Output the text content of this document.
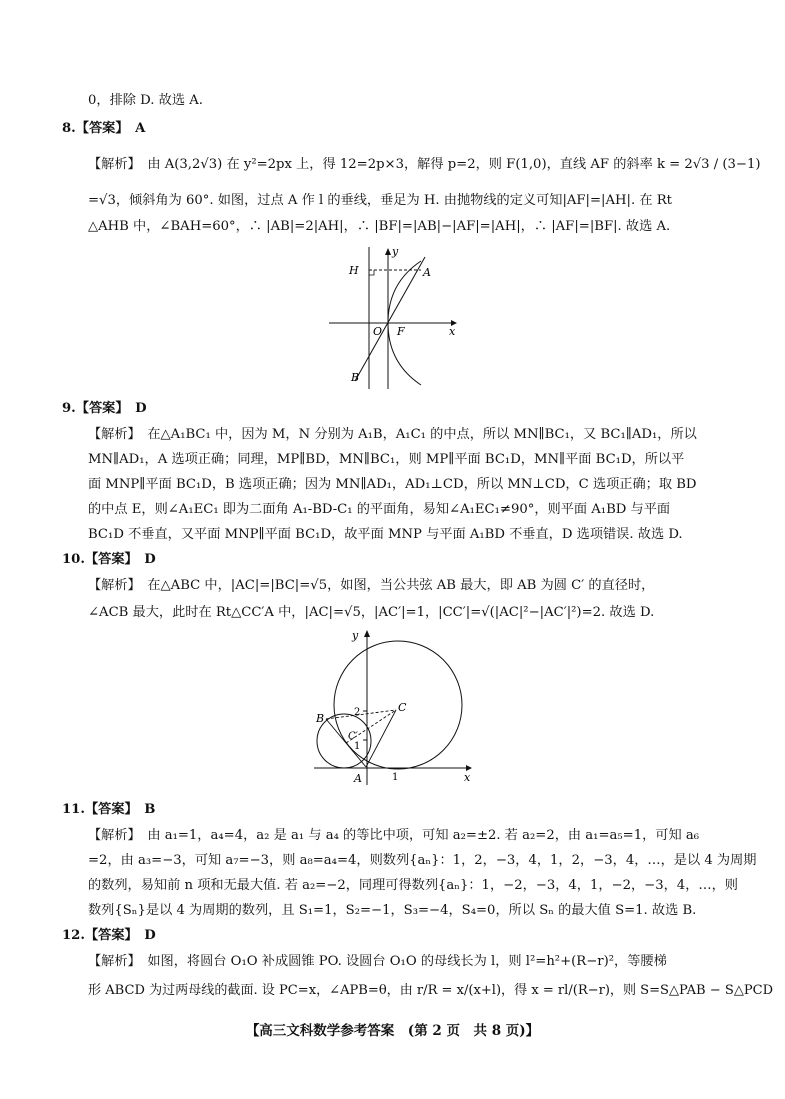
0，排除 D. 故选 A.
8.【答案】　A
【解析】　由 A(3,2√3) 在 y²=2px 上，得 12=2p×3，解得 p=2，则 F(1,0)，直线 AF 的斜率 k = 2√3 / (3−1)
=√3，倾斜角为 60°. 如图，过点 A 作 l 的垂线，垂足为 H. 由抛物线的定义可知|AF|=|AH|. 在 Rt
△AHB 中，∠BAH=60°，∴ |AB|=2|AH|，∴ |BF|=|AB|−|AF|=|AH|，∴ |AF|=|BF|. 故选 A.
y
x
H	A
O F
B
9.【答案】　D
【解析】　在△A₁BC₁ 中，因为 M，N 分别为 A₁B，A₁C₁ 的中点，所以 MN∥BC₁，又 BC₁∥AD₁，所以
MN∥AD₁，A 选项正确；同理，MP∥BD，MN∥BC₁，则 MP∥平面 BC₁D，MN∥平面 BC₁D，所以平
面 MNP∥平面 BC₁D，B 选项正确；因为 MN∥AD₁，AD₁⊥CD，所以 MN⊥CD，C 选项正确；取 BD
的中点 E，则∠A₁EC₁ 即为二面角 A₁-BD-C₁ 的平面角，易知∠A₁EC₁≠90°，则平面 A₁BD 与平面
BC₁D 不垂直，又平面 MNP∥平面 BC₁D，故平面 MNP 与平面 A₁BD 不垂直，D 选项错误. 故选 D.
10.【答案】　D
【解析】　在△ABC 中，|AC|=|BC|=√5，如图，当公共弦 AB 最大，即 AB 为圆 C′ 的直径时，
∠ACB 最大，此时在 Rt△CC′A 中，|AC|=√5，|AC′|=1，|CC′|=√(|AC|²−|AC′|²)=2. 故选 D.
y
x
B
C
C′
2
1
1
A
11.【答案】　B
【解析】　由 a₁=1，a₄=4，a₂ 是 a₁ 与 a₄ 的等比中项，可知 a₂=±2. 若 a₂=2，由 a₁=a₅=1，可知 a₆
=2，由 a₃=−3，可知 a₇=−3，则 a₈=a₄=4，则数列{aₙ}：1，2，−3，4，1，2，−3，4，…，是以 4 为周期
的数列，易知前 n 项和无最大值. 若 a₂=−2，同理可得数列{aₙ}：1，−2，−3，4，1，−2，−3，4，…，则
数列{Sₙ}是以 4 为周期的数列，且 S₁=1，S₂=−1，S₃=−4，S₄=0，所以 Sₙ 的最大值 S=1. 故选 B.
12.【答案】　D
【解析】　如图，将圆台 O₁O 补成圆锥 PO. 设圆台 O₁O 的母线长为 l，则 l²=h²+(R−r)²，等腰梯
形 ABCD 为过两母线的截面. 设 PC=x，∠APB=θ，由 r/R = x/(x+l)，得 x = rl/(R−r)，则 S=S△PAB − S△PCD
【高三文科数学参考答案　(第 2 页　共 8 页)】
